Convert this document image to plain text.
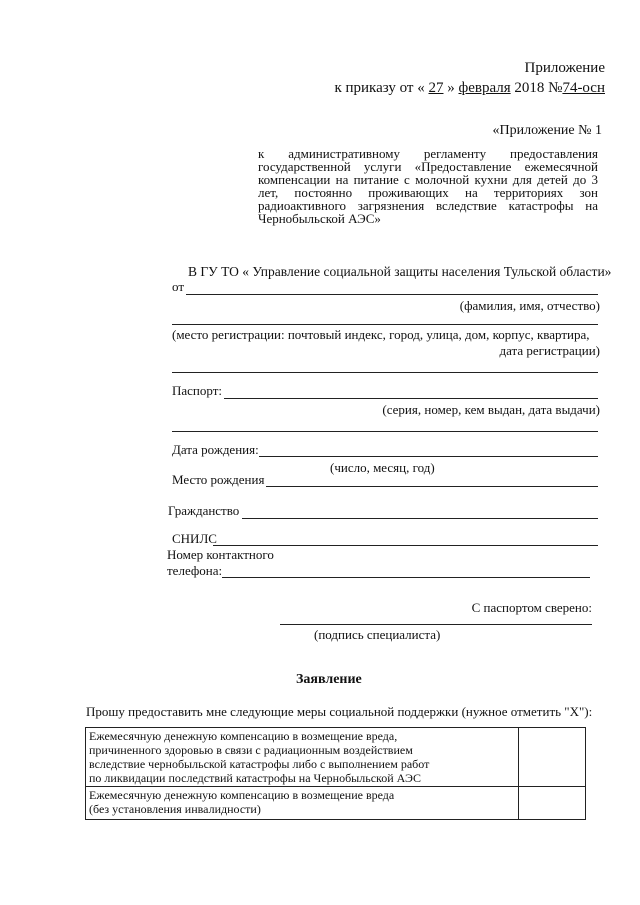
Приложение
к приказу от « 27 » февраля 2018 №74-осн
«Приложение № 1
к административному регламенту предоставления государственной услуги «Предоставление ежемесячной компенсации на питание с молочной кухни для детей до 3 лет, постоянно проживающих на территориях зон радиоактивного загрязнения вследствие катастрофы на Чернобыльской АЭС»
В ГУ ТО « Управление социальной защиты населения Тульской области»
от
(фамилия, имя, отчество)
(место регистрации: почтовый индекс, город, улица, дом, корпус, квартира,
дата регистрации)
Паспорт:
(серия, номер, кем выдан, дата выдачи)
Дата рождения:
(число, месяц, год)
Место рождения
Гражданство
СНИЛС
Номер контактного
телефона:
С паспортом сверено:
(подпись специалиста)
Заявление
Прошу предоставить мне следующие меры социальной поддержки (нужное отметить "Х"):
Ежемесячную денежную компенсацию в возмещение вреда,
причиненного здоровью в связи с радиационным воздействием
вследствие чернобыльской катастрофы либо с выполнением работ
по ликвидации последствий катастрофы на Чернобыльской АЭС	

Ежемесячную денежную компенсацию в возмещение вреда
(без установления инвалидности)	
